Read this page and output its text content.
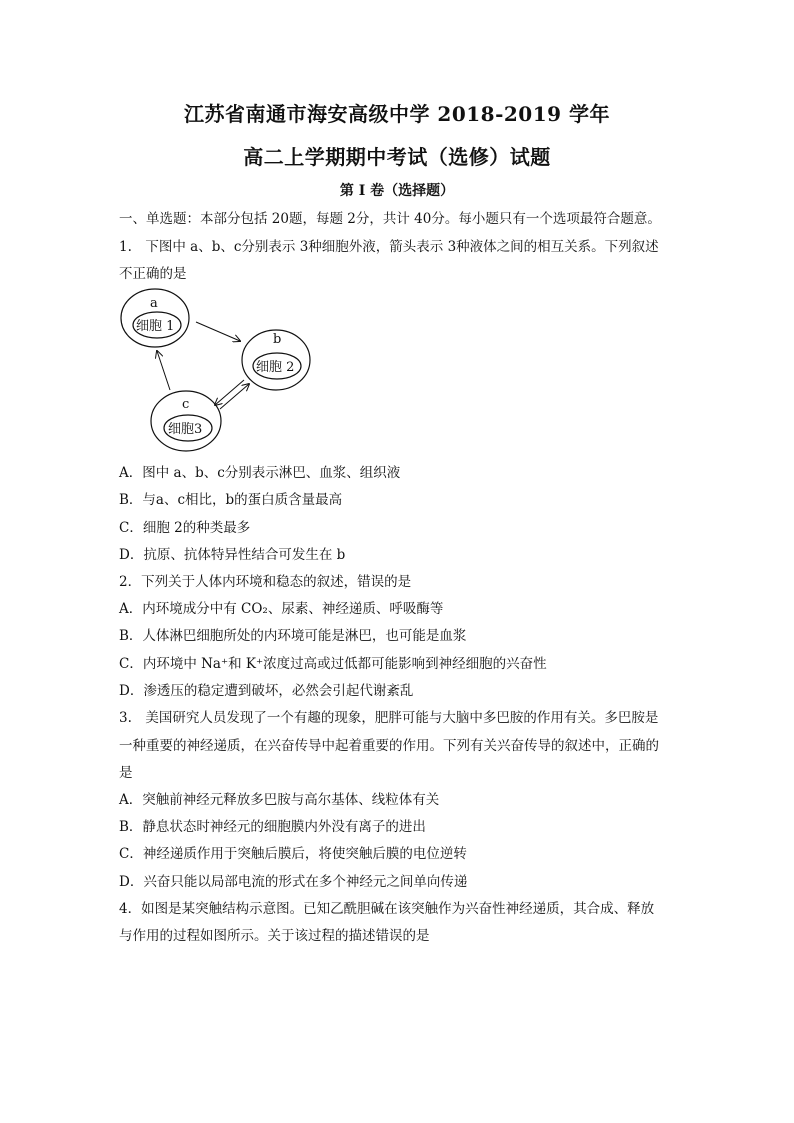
江苏省南通市海安高级中学 2018-2019 学年
高二上学期期中考试（选修）试题
第 I 卷（选择题）
一、单选题：本部分包括 20题，每题 2分，共计 40分。每小题只有一个选项最符合题意。
1.　下图中 a、b、c分别表示 3种细胞外液，箭头表示 3种液体之间的相互关系。下列叙述
不正确的是
a
细胞 1
b
细胞 2
c
细胞3
A．图中 a、b、c分别表示淋巴、血浆、组织液
B．与a、c相比，b的蛋白质含量最高
C．细胞 2的种类最多
D．抗原、抗体特异性结合可发生在 b
2．下列关于人体内环境和稳态的叙述，错误的是
A．内环境成分中有 CO₂、尿素、神经递质、呼吸酶等
B．人体淋巴细胞所处的内环境可能是淋巴，也可能是血浆
C．内环境中 Na⁺和 K⁺浓度过高或过低都可能影响到神经细胞的兴奋性
D．渗透压的稳定遭到破坏，必然会引起代谢紊乱
3.　美国研究人员发现了一个有趣的现象，肥胖可能与大脑中多巴胺的作用有关。多巴胺是
一种重要的神经递质，在兴奋传导中起着重要的作用。下列有关兴奋传导的叙述中，正确的
是
A．突触前神经元释放多巴胺与高尔基体、线粒体有关
B．静息状态时神经元的细胞膜内外没有离子的进出
C．神经递质作用于突触后膜后，将使突触后膜的电位逆转
D．兴奋只能以局部电流的形式在多个神经元之间单向传递
4．如图是某突触结构示意图。已知乙酰胆碱在该突触作为兴奋性神经递质，其合成、释放
与作用的过程如图所示。关于该过程的描述错误的是
